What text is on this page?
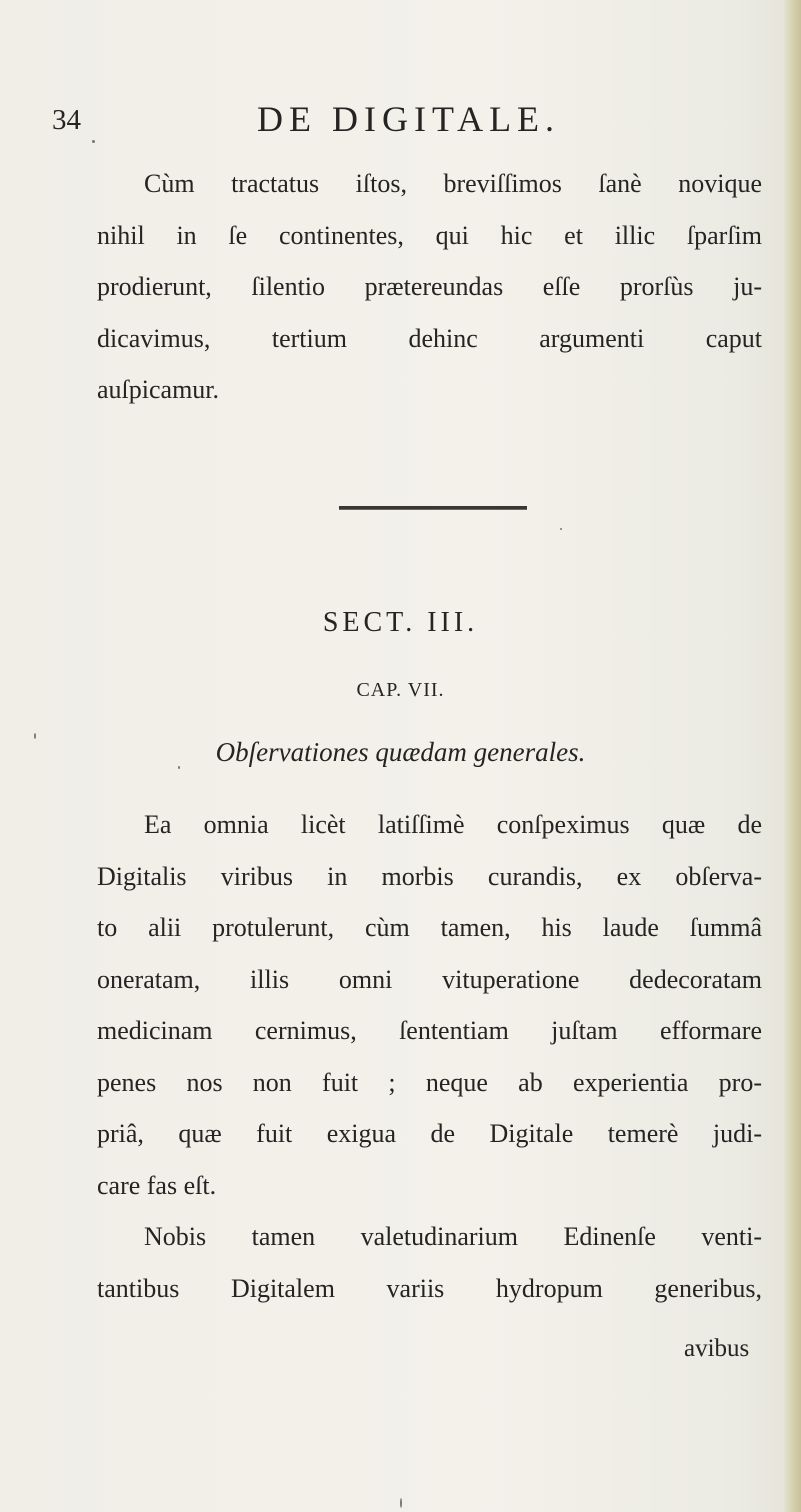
34	DE DIGITALE.
Cùm tractatus iſtos, breviſſimos ſanè novique
nihil in ſe continentes, qui hic et illic ſparſim
prodierunt, ſilentio prætereundas eſſe prorſùs ju-
dicavimus, tertium dehinc argumenti caput
auſpicamur.
SECT. III.
CAP. VII.
Obſervationes quædam generales.
Ea omnia licèt latiſſimè conſpeximus quæ de
Digitalis viribus in morbis curandis, ex obſerva-
to alii protulerunt, cùm tamen, his laude ſummâ
oneratam, illis omni vituperatione dedecoratam
medicinam cernimus, ſententiam juſtam efformare
penes nos non fuit ; neque ab experientia pro-
priâ, quæ fuit exigua de Digitale temerè judi-
care fas eſt.
Nobis tamen valetudinarium Edinenſe venti-
tantibus Digitalem variis hydropum generibus,
avibus
